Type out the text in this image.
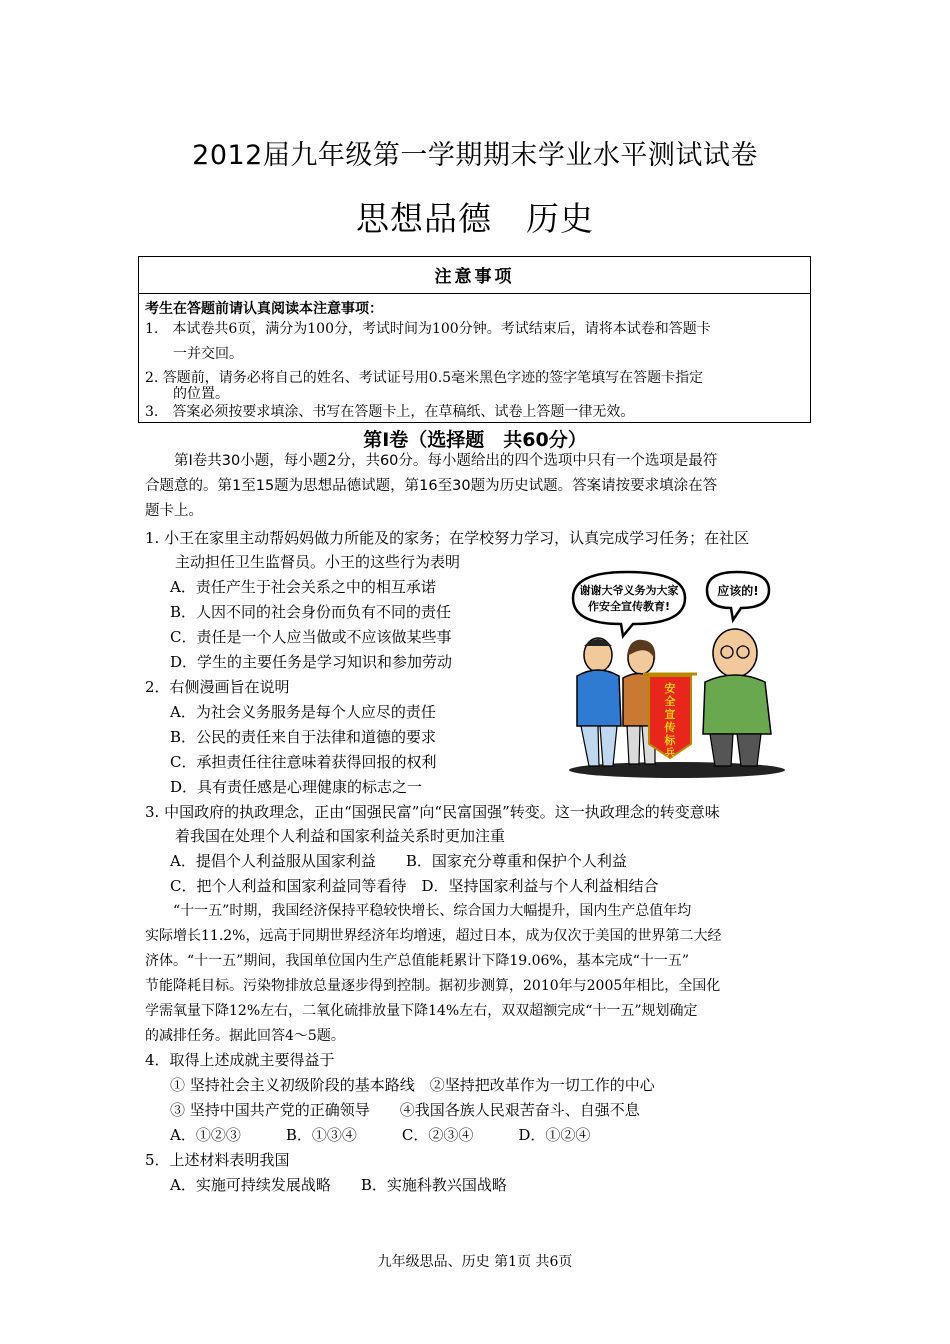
2012届九年级第一学期期末学业水平测试试卷
思想品德　历史
注意事项
考生在答题前请认真阅读本注意事项：
1.　本试卷共6页，满分为100分，考试时间为100分钟。考试结束后，请将本试卷和答题卡
　　一并交回。
2. 答题前，请务必将自己的姓名、考试证号用0.5毫米黑色字迹的签字笔填写在答题卡指定
　　的位置。
3.　答案必须按要求填涂、书写在答题卡上，在草稿纸、试卷上答题一律无效。
第Ⅰ卷（选择题　共60分）
　　第Ⅰ卷共30小题，每小题2分，共60分。每小题给出的四个选项中只有一个选项是最符
合题意的。第1至15题为思想品德试题，第16至30题为历史试题。答案请按要求填涂在答
题卡上。
1. 小王在家里主动帮妈妈做力所能及的家务；在学校努力学习，认真完成学习任务；在社区
　　主动担任卫生监督员。小王的这些行为表明
A．责任产生于社会关系之中的相互承诺
B．人因不同的社会身份而负有不同的责任
C．责任是一个人应当做或不应该做某些事
D．学生的主要任务是学习知识和参加劳动
2．右侧漫画旨在说明
A．为社会义务服务是每个人应尽的责任
B．公民的责任来自于法律和道德的要求
C．承担责任往往意味着获得回报的权利
D．具有责任感是心理健康的标志之一
谢谢大爷义务为大家
作安全宣传教育!
应该的!
安
全
宣
传
标
兵
3. 中国政府的执政理念，正由“国强民富”向“民富国强”转变。这一执政理念的转变意味
　　着我国在处理个人利益和国家利益关系时更加注重
A．提倡个人利益服从国家利益　　B．国家充分尊重和保护个人利益
C．把个人利益和国家利益同等看待　D．坚持国家利益与个人利益相结合
“十一五”时期，我国经济保持平稳较快增长、综合国力大幅提升，国内生产总值年均
实际增长11.2%，远高于同期世界经济年均增速，超过日本，成为仅次于美国的世界第二大经
济体。“十一五”期间，我国单位国内生产总值能耗累计下降19.06%，基本完成“十一五”
节能降耗目标。污染物排放总量逐步得到控制。据初步测算，2010年与2005年相比，全国化
学需氧量下降12%左右，二氧化硫排放量下降14%左右，双双超额完成“十一五”规划确定
的减排任务。据此回答4～5题。
4．取得上述成就主要得益于
① 坚持社会主义初级阶段的基本路线　②坚持把改革作为一切工作的中心
③ 坚持中国共产党的正确领导　　④我国各族人民艰苦奋斗、自强不息
A．①②③　　　B．①③④　　　C．②③④　　　D．①②④
5．上述材料表明我国
A．实施可持续发展战略　　B．实施科教兴国战略
九年级思品、历史 第1页 共6页
